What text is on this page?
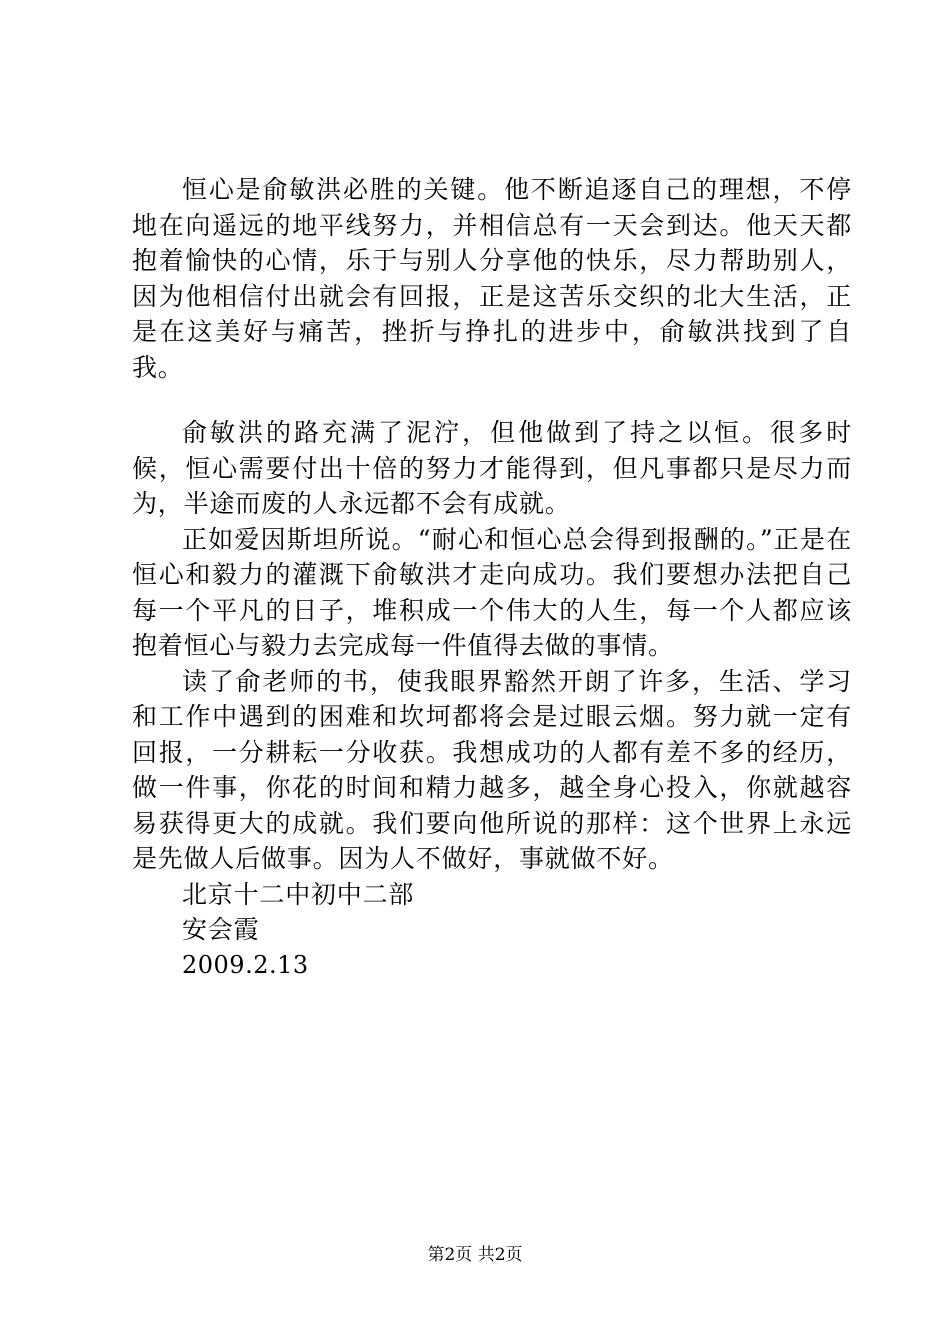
恒心是俞敏洪必胜的关键。他不断追逐自己的理想，不停地在向遥远的地平线努力，并相信总有一天会到达。他天天都抱着愉快的心情，乐于与别人分享他的快乐，尽力帮助别人，因为他相信付出就会有回报，正是这苦乐交织的北大生活，正是在这美好与痛苦，挫折与挣扎的进步中，俞敏洪找到了自我。

俞敏洪的路充满了泥泞，但他做到了持之以恒。很多时候，恒心需要付出十倍的努力才能得到，但凡事都只是尽力而为，半途而废的人永远都不会有成就。

正如爱因斯坦所说。“耐心和恒心总会得到报酬的。”正是在恒心和毅力的灌溉下俞敏洪才走向成功。我们要想办法把自己每一个平凡的日子，堆积成一个伟大的人生，每一个人都应该抱着恒心与毅力去完成每一件值得去做的事情。

读了俞老师的书，使我眼界豁然开朗了许多，生活、学习和工作中遇到的困难和坎坷都将会是过眼云烟。努力就一定有回报，一分耕耘一分收获。我想成功的人都有差不多的经历，做一件事，你花的时间和精力越多，越全身心投入，你就越容易获得更大的成就。我们要向他所说的那样：这个世界上永远是先做人后做事。因为人不做好，事就做不好。

北京十二中初中二部

安会霞

2009.2.13

第2页 共2页
